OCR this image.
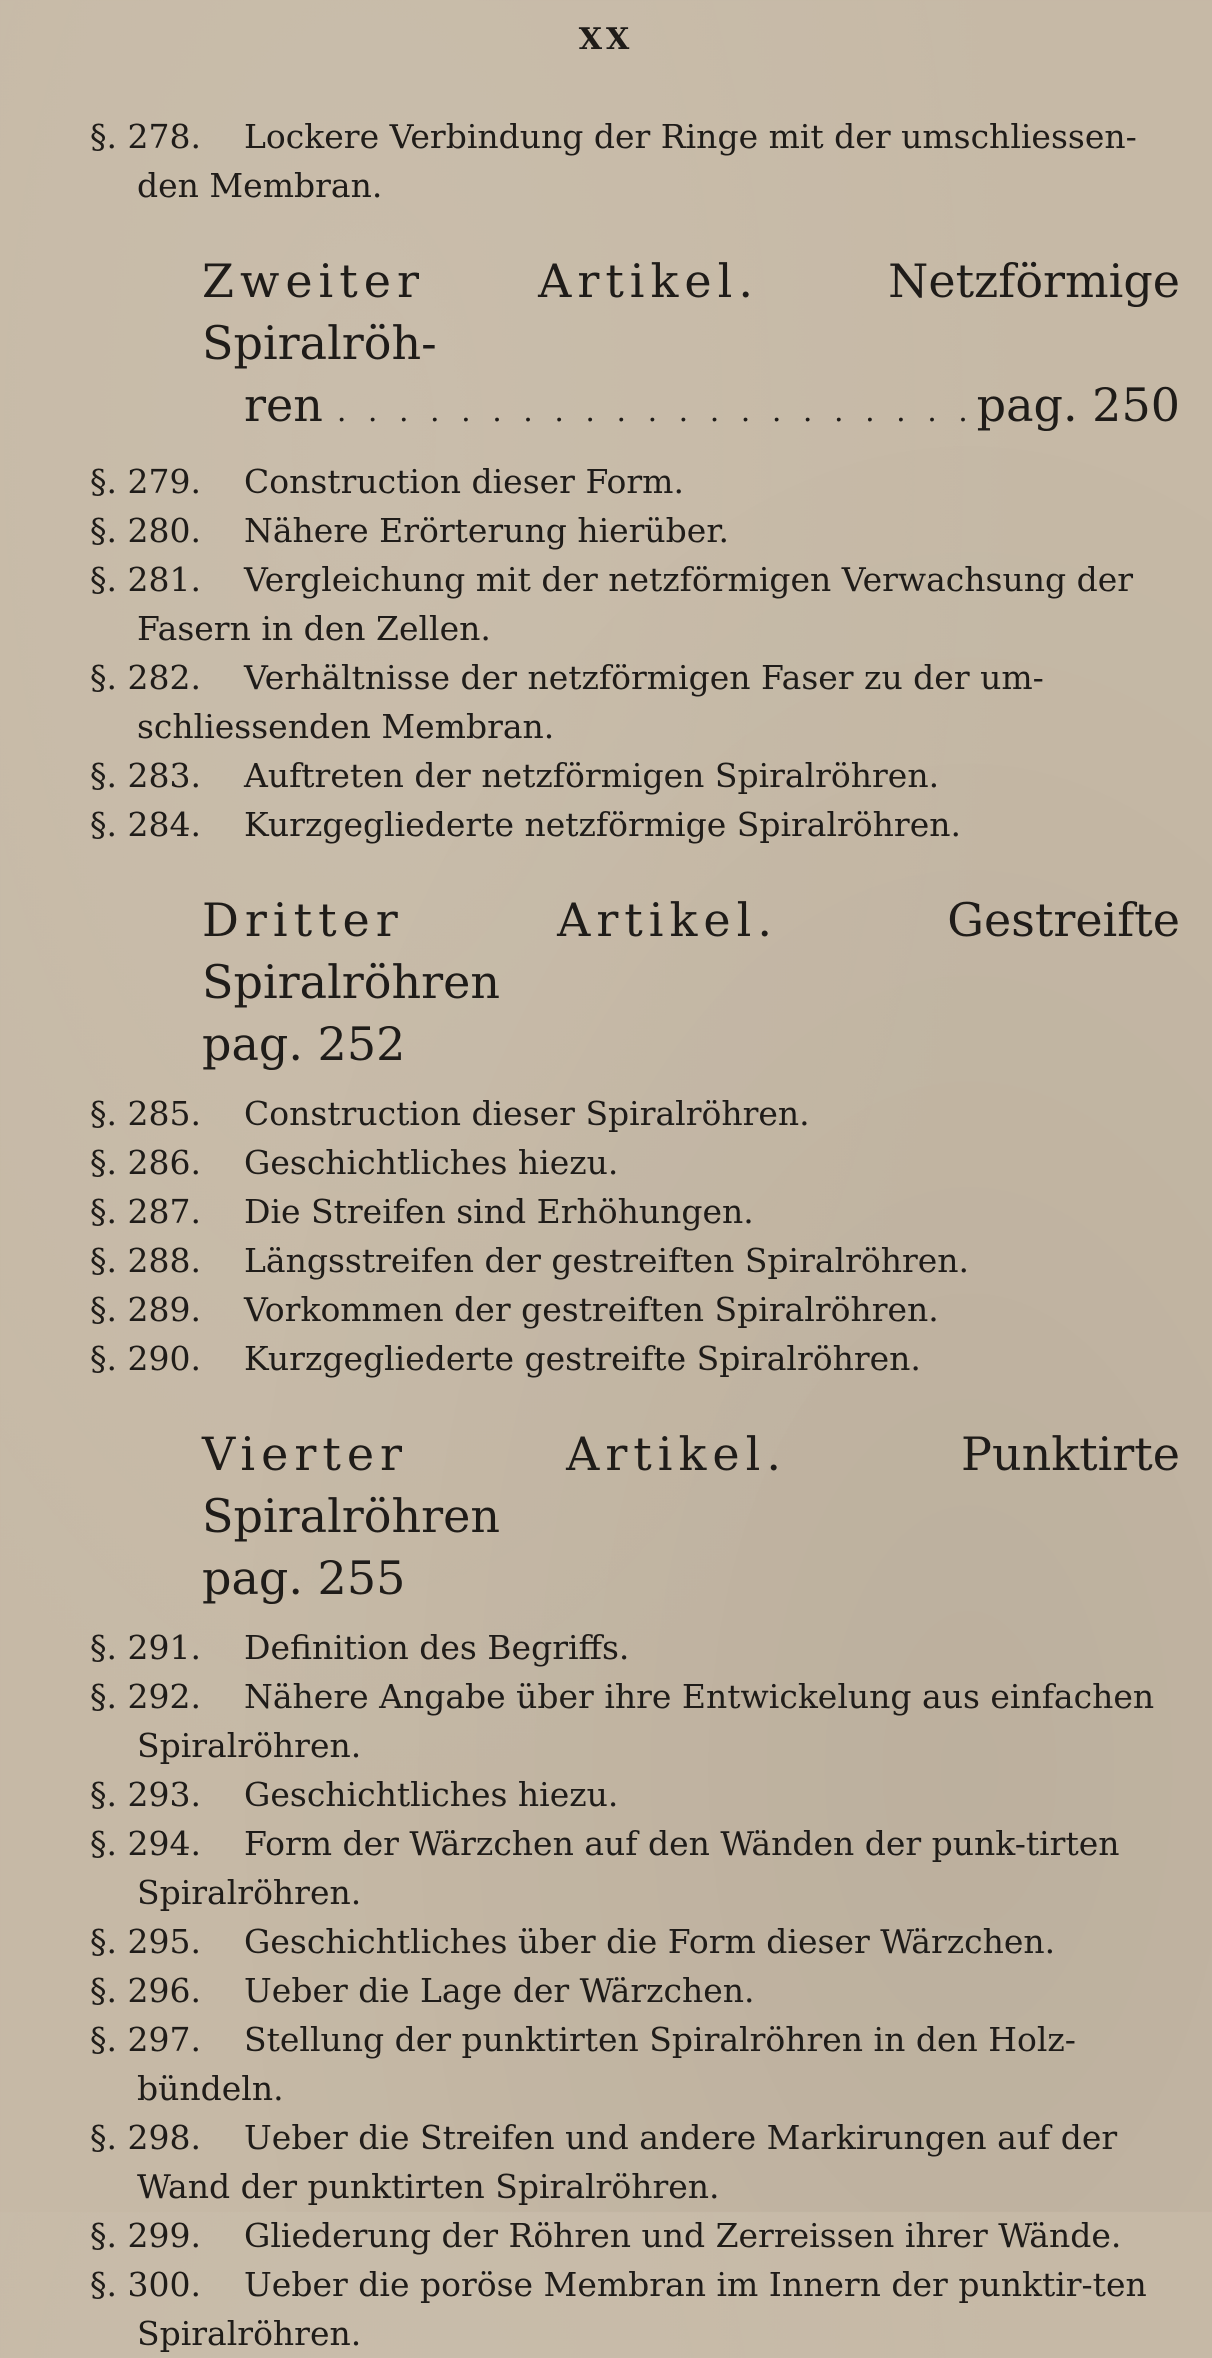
XX
§. 278. Lockere Verbindung der Ringe mit der umschliessen-den Membran.
Zweiter Artikel.	Netzförmige Spiralröh-
ren
. . .	pag. 250
§. 279. Construction dieser Form.
§. 280. Nähere Erörterung hierüber.
§. 281. Vergleichung mit der netzförmigen Verwachsung der Fasern in den Zellen.
§. 282. Verhältnisse der netzförmigen Faser zu der um-schliessenden Membran.
§. 283. Auftreten der netzförmigen Spiralröhren.
§. 284. Kurzgegliederte netzförmige Spiralröhren.
Dritter Artikel.	Gestreifte Spiralröhren
pag. 252
§. 285. Construction dieser Spiralröhren.
§. 286. Geschichtliches hiezu.
§. 287. Die Streifen sind Erhöhungen.
§. 288. Längsstreifen der gestreiften Spiralröhren.
§. 289. Vorkommen der gestreiften Spiralröhren.
§. 290. Kurzgegliederte gestreifte Spiralröhren.
Vierter Artikel.	Punktirte Spiralröhren
pag. 255
§. 291. Definition des Begriffs.
§. 292. Nähere Angabe über ihre Entwickelung aus einfachen Spiralröhren.
§. 293. Geschichtliches hiezu.
§. 294. Form der Wärzchen auf den Wänden der punk-tirten Spiralröhren.
§. 295. Geschichtliches über die Form dieser Wärzchen.
§. 296. Ueber die Lage der Wärzchen.
§. 297. Stellung der punktirten Spiralröhren in den Holz-bündeln.
§. 298. Ueber die Streifen und andere Markirungen auf der Wand der punktirten Spiralröhren.
§. 299. Gliederung der Röhren und Zerreissen ihrer Wände.
§. 300. Ueber die poröse Membran im Innern der punktir-ten Spiralröhren.
